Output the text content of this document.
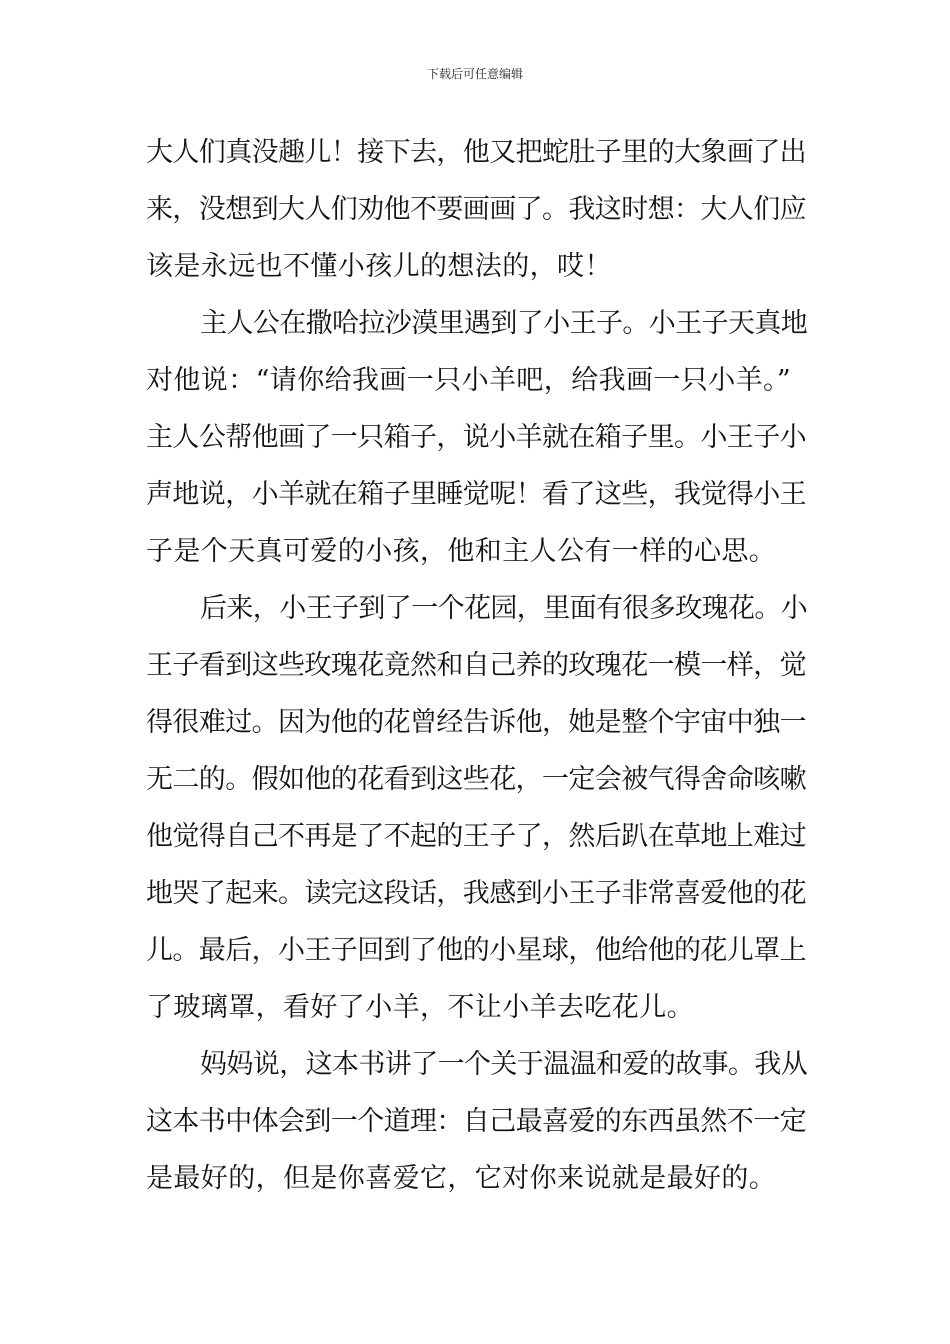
下载后可任意编辑
大人们真没趣儿！接下去，他又把蛇肚子里的大象画了出
来，没想到大人们劝他不要画画了。我这时想：大人们应
该是永远也不懂小孩儿的想法的，哎！
主人公在撒哈拉沙漠里遇到了小王子。小王子天真地
对他说：“请你给我画一只小羊吧，给我画一只小羊。”
主人公帮他画了一只箱子，说小羊就在箱子里。小王子小
声地说，小羊就在箱子里睡觉呢！看了这些，我觉得小王
子是个天真可爱的小孩，他和主人公有一样的心思。
后来，小王子到了一个花园，里面有很多玫瑰花。小
王子看到这些玫瑰花竟然和自己养的玫瑰花一模一样，觉
得很难过。因为他的花曾经告诉他，她是整个宇宙中独一
无二的。假如他的花看到这些花，一定会被气得舍命咳嗽
他觉得自己不再是了不起的王子了，然后趴在草地上难过
地哭了起来。读完这段话，我感到小王子非常喜爱他的花
儿。最后，小王子回到了他的小星球，他给他的花儿罩上
了玻璃罩，看好了小羊，不让小羊去吃花儿。
妈妈说，这本书讲了一个关于温温和爱的故事。我从
这本书中体会到一个道理：自己最喜爱的东西虽然不一定
是最好的，但是你喜爱它，它对你来说就是最好的。
